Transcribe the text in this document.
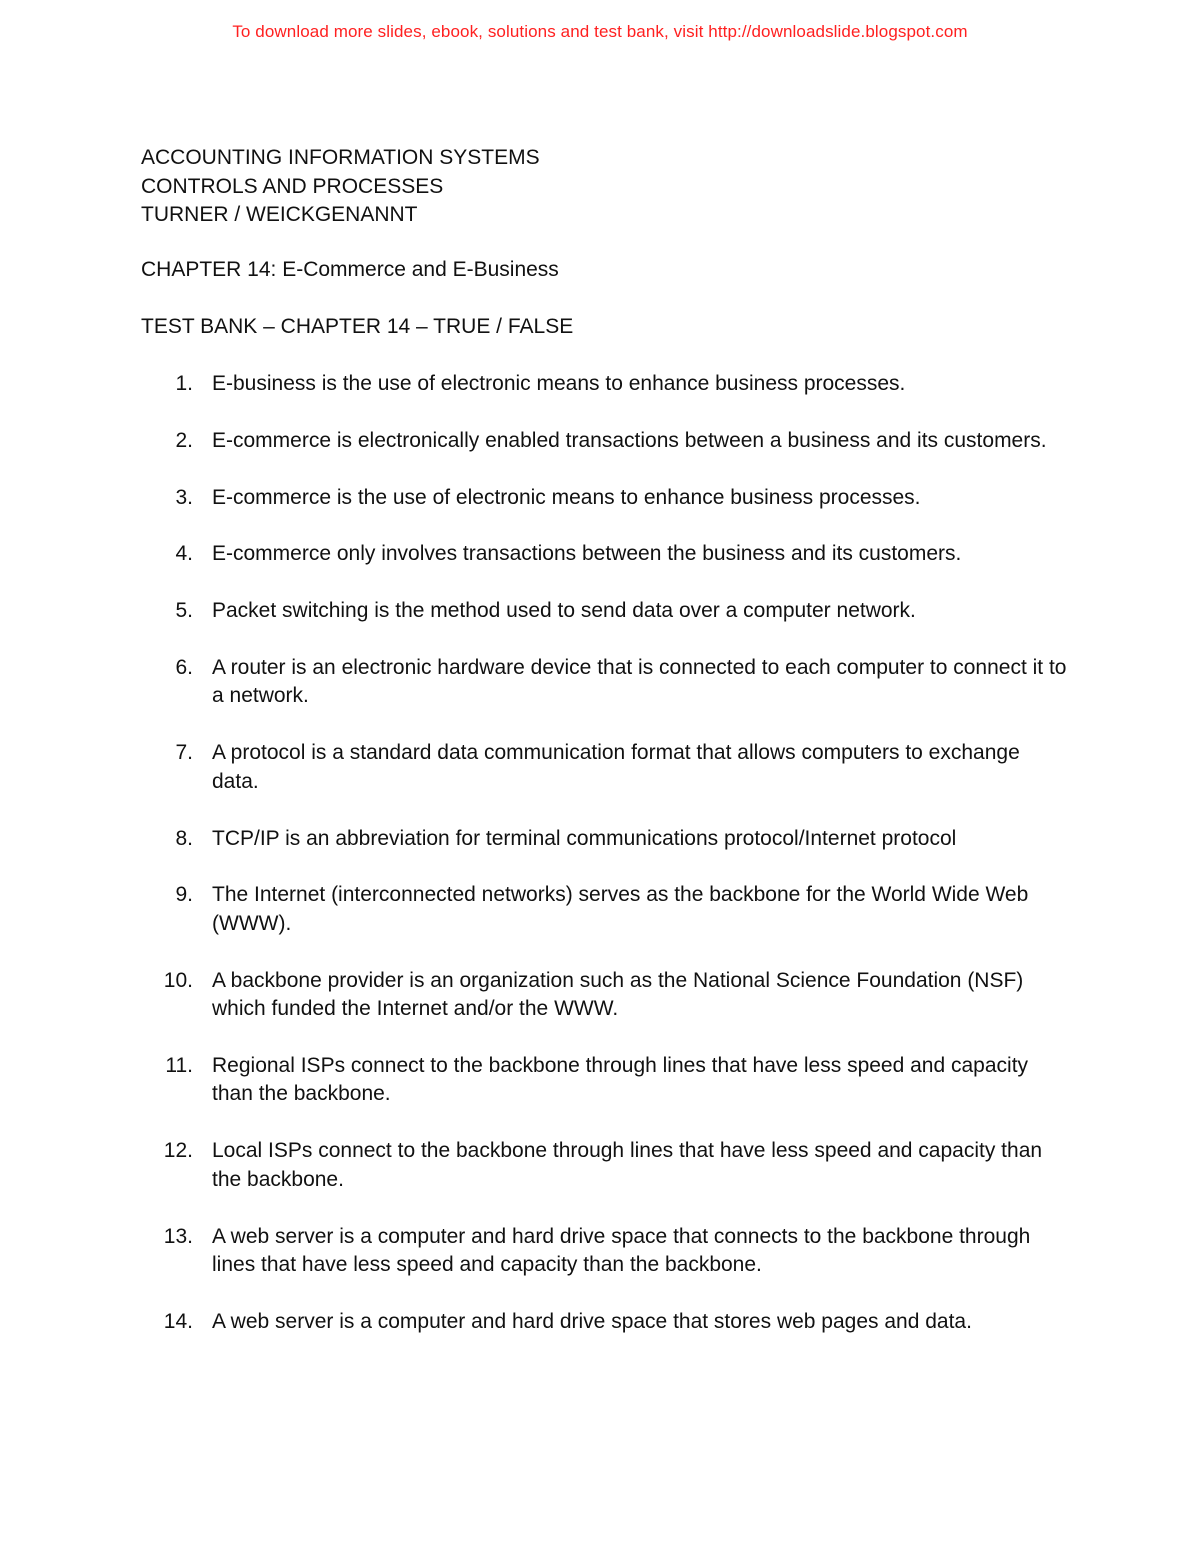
To download more slides, ebook, solutions and test bank, visit http://downloadslide.blogspot.com
ACCOUNTING INFORMATION SYSTEMS
CONTROLS AND PROCESSES
TURNER / WEICKGENANNT
CHAPTER 14: E-Commerce and E-Business
TEST BANK – CHAPTER 14 – TRUE / FALSE
1. E-business is the use of electronic means to enhance business processes.
2. E-commerce is electronically enabled transactions between a business and its customers.
3. E-commerce is the use of electronic means to enhance business processes.
4. E-commerce only involves transactions between the business and its customers.
5. Packet switching is the method used to send data over a computer network.
6. A router is an electronic hardware device that is connected to each computer to connect it to a network.
7. A protocol is a standard data communication format that allows computers to exchange data.
8. TCP/IP is an abbreviation for terminal communications protocol/Internet protocol
9. The Internet (interconnected networks) serves as the backbone for the World Wide Web (WWW).
10. A backbone provider is an organization such as the National Science Foundation (NSF) which funded the Internet and/or the WWW.
11. Regional ISPs connect to the backbone through lines that have less speed and capacity than the backbone.
12. Local ISPs connect to the backbone through lines that have less speed and capacity than the backbone.
13. A web server is a computer and hard drive space that connects to the backbone through lines that have less speed and capacity than the backbone.
14. A web server is a computer and hard drive space that stores web pages and data.
